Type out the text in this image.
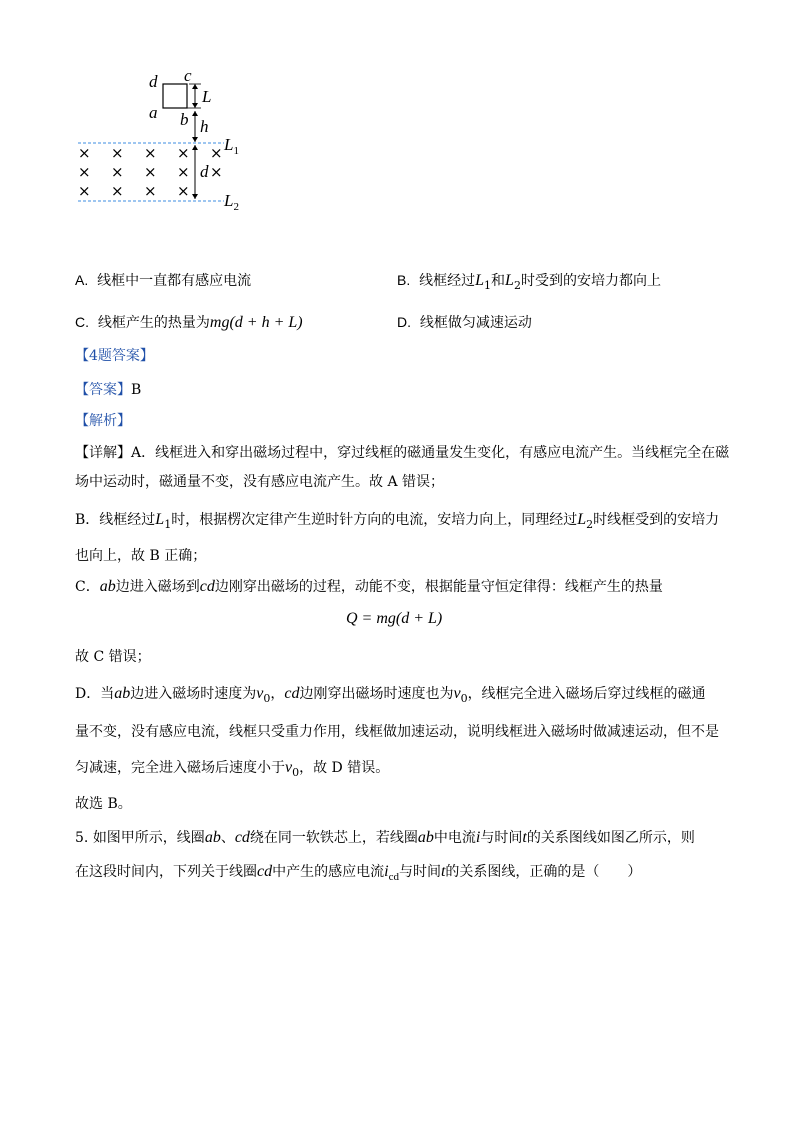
× × × × ×
× × × × ×
× × × ×
d c
a b
L
h
d
$L_1$
$L_2$
A. 线框中一直都有感应电流	B. 线框经过$L_1$和$L_2$时受到的安培力都向上
C. 线框产生的热量为mg(d + h + L)	D. 线框做匀减速运动
【4题答案】
【答案】B
【解析】
【详解】A．线框进入和穿出磁场过程中，穿过线框的磁通量发生变化，有感应电流产生。当线框完全在磁
场中运动时，磁通量不变，没有感应电流产生。故 A 错误；
B．线框经过$L_1$时，根据楞次定律产生逆时针方向的电流，安培力向上，同理经过$L_2$时线框受到的安培力
也向上，故 B 正确；
C．ab边进入磁场到cd边刚穿出磁场的过程，动能不变，根据能量守恒定律得：线框产生的热量
Q = mg(d + L)
故 C 错误；
D．当ab边进入磁场时速度为$v_0$，cd边刚穿出磁场时速度也为$v_0$，线框完全进入磁场后穿过线框的磁通
量不变，没有感应电流，线框只受重力作用，线框做加速运动，说明线框进入磁场时做减速运动，但不是
匀减速，完全进入磁场后速度小于$v_0$，故 D 错误。
故选 B。
5. 如图甲所示，线圈ab、cd绕在同一软铁芯上，若线圈ab中电流i与时间t的关系图线如图乙所示，则
在这段时间内，下列关于线圈cd中产生的感应电流$i_{cd}$与时间t的关系图线，正确的是（　　）
